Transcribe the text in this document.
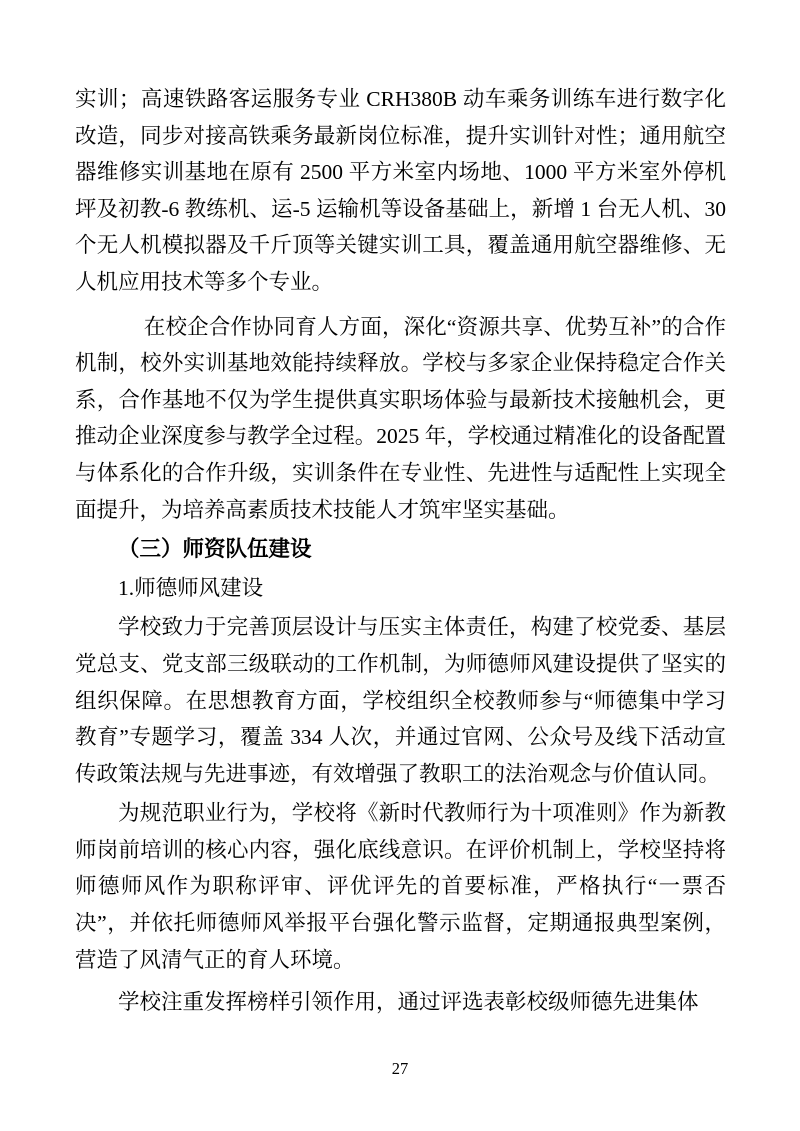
实训；高速铁路客运服务专业 CRH380B 动车乘务训练车进行数字化改造，同步对接高铁乘务最新岗位标准，提升实训针对性；通用航空器维修实训基地在原有 2500 平方米室内场地、1000 平方米室外停机坪及初教-6 教练机、运-5 运输机等设备基础上，新增 1 台无人机、30 个无人机模拟器及千斤顶等关键实训工具，覆盖通用航空器维修、无人机应用技术等多个专业。

在校企合作协同育人方面，深化“资源共享、优势互补”的合作机制，校外实训基地效能持续释放。学校与多家企业保持稳定合作关系，合作基地不仅为学生提供真实职场体验与最新技术接触机会，更推动企业深度参与教学全过程。2025 年，学校通过精准化的设备配置与体系化的合作升级，实训条件在专业性、先进性与适配性上实现全面提升，为培养高素质技术技能人才筑牢坚实基础。

（三）师资队伍建设

1.师德师风建设

学校致力于完善顶层设计与压实主体责任，构建了校党委、基层党总支、党支部三级联动的工作机制，为师德师风建设提供了坚实的组织保障。在思想教育方面，学校组织全校教师参与“师德集中学习教育”专题学习，覆盖 334 人次，并通过官网、公众号及线下活动宣传政策法规与先进事迹，有效增强了教职工的法治观念与价值认同。

为规范职业行为，学校将《新时代教师行为十项准则》作为新教师岗前培训的核心内容，强化底线意识。在评价机制上，学校坚持将师德师风作为职称评审、评优评先的首要标准，严格执行“一票否决”，并依托师德师风举报平台强化警示监督，定期通报典型案例，营造了风清气正的育人环境。

学校注重发挥榜样引领作用，通过评选表彰校级师德先进集体

27
